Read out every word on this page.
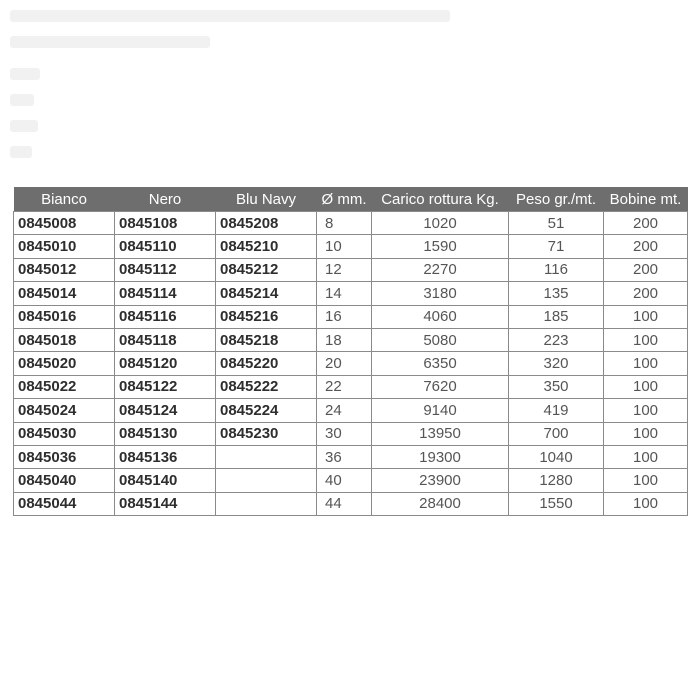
Bianco	Nero	Blu Navy	Ø mm.	Carico rottura Kg.	Peso gr./mt.	Bobine mt.
0845008	0845108	0845208	8	1020	51	200
0845010	0845110	0845210	10	1590	71	200
0845012	0845112	0845212	12	2270	116	200
0845014	0845114	0845214	14	3180	135	200
0845016	0845116	0845216	16	4060	185	100
0845018	0845118	0845218	18	5080	223	100
0845020	0845120	0845220	20	6350	320	100
0845022	0845122	0845222	22	7620	350	100
0845024	0845124	0845224	24	9140	419	100
0845030	0845130	0845230	30	13950	700	100
0845036	0845136		36	19300	1040	100
0845040	0845140		40	23900	1280	100
0845044	0845144		44	28400	1550	100
